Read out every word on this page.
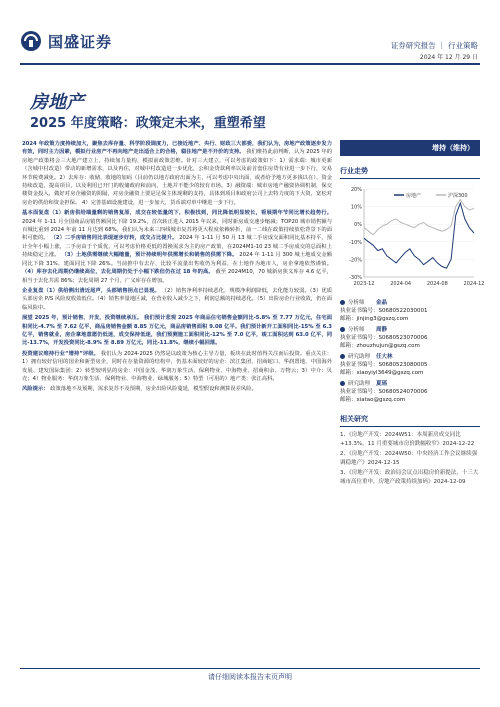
国盛证券	证券研究报告 ｜ 行业策略
2024 年 12 月 29 日
房地产
2025 年度策略：政策定未来，重塑希望

2024 年政策力度持续加大，聚焦去库存量、科学阶段调度力，已接近地产、央行、财政三大部委，我们认为，房地产政策逐步发力有效，同时主力因素，模拟行业房产不再向地产走出适合上的合格，稳住地产是不开价的支持。 我们维持此前判断，认为 2025 年的房地产政策将会三大地产建立上，持续加力量构，模拟前政策思维。针对三大建立，可以考虑的政策如下：1）需求端：城市更新（含城中村改造）带动的新增需求，以及再住，对城中村改造进一步优化，公积金贷款利率以及前首套住房贷有业进一步下行，交易环节税费减免。2）去库存：收储、收地的加码（目前仍以地方政府出面为主，可以考虑中央出面，或者给予地方更多钱以在）、资金持续改造，提高项目，以及利用已开门的收储政府和前向，土地并不能少的较有市场。3）融资端：城市房地产融资协调机制，保交楼资金投入，做好对房企融资的阻隔，对房企融资上要是足保主体现剩的支持，具体到项目和政府公司上去特力度的下大资，宽松对房企的供给和资金担保。 4）完善基础设施建设，进一步加大，货币端对单中继进一步下行。

基本面复盘（1）新房供给端量剩的销售复原，成交在较低量的下，积极找到，同比降低明显较长，看展期年节同比增长趋势行。 2024 年 1-11 月全国商品房销售额同比下降 19.2%，首次转正进入 2015 年以来，同时新房成交速步缩减；TOP20 城市销售额与百城比重到 2024 年前 11 月达到 68%，我们认为未来三四线城市复苏将更大程度依赖转折，前一二线在政策持续放松背景下的面积可能的。 （2）二手房销售同比表现逐步好转，成交占比提升。 2024 年 1-11 月 50 月 13 城二手房成交面积同比基本持平，预计全年小幅上涨，二手房由于个质优，可以考虑价格更低的置换需求为主的房产政策，在2024M1-10 23 城二手房成交的总面积上持续稳定上涨。 （3）土地供需继续大幅缩量，预计持续明年供需增长和销售的供需下降。 2024 年 1-11 月 300 城土地成交金额同比下降 31%，建面同比下降 26%。当前推中有去存，比较平流量出售收仍为利益，在土地作为地市人，房企拿地依然谨慎。 （4）库存去化周期仍继续高位，去化周期仍处于小幅下跌但仍在过 18 年的高。 截至 2024M10，70 城新房狭义库存 4.6 亿平，相当于去化共需 86%；去化周期 27 个月，广义库存在增加。

企业复盘（1）供给侧出清近尾声，头部销售拐点已显现。 （2）销售净利率持续恶化，规模净利润降低，去化能力较弱。（3）优质头部房企 P/S 风险度收敛低位。（4）销售率量地区减，在营业收入减少之下，利润总额的持续恶化。（5）出险房企行业收敛，仍在面临风险中。

展望 2025 年，预计销售、开发、投资继续承压。 我们预计悲观 2025 年商品住宅销售金额同比-5.8% 至 7.77 万亿元，住宅面积同比-4.7% 至 7.62 亿平，商品房销售金额 8.85 万亿元，商品房销售面积 9.08 亿平。我们预计新开工面积同比-15% 至 6.3 亿平，销售就业，房企拿地意愿仍低迷，成交保持低迷，我们预测施工面积同比-12% 至 7.0 亿平，竣工面积达到 63.0 亿平，同比-13.7%，开发投资同比-8.9% 至 8.89 万亿元，同比-11.8%，继续小幅回落。

投资建议维持行业“增持”评级。 我们认为 2024-2025 仍然是以政策为核心主导力量，板块在此时值得关注而后投资。重点关注：1）拥有较好信用的国企和新型房企，同时在存量资源的结构中，仍基本面较好的房企：滨江集团、招商蛇口、华润置地、中国海外发展、建发国际集团；2）转型较明显的房企：中国金茂、华润万象生活、保利物业、中海物业、招商积余、万物云；3）中介：贝壳；4）物业服务：华润万象生活、保利物业、中海物业、绿城服务；5）特型（可用的）地产类：张江高科。

风险提示： 政策落地不及预期，需求复苏不及预期，房企出险风险蔓延，模型假设和测算误差风险。

增持（维持）
行业走势
20%
10%
0%
-10%
-20%
-30%
2023-12	2024-04	2024-08	2024-12
房地产	沪深300
分析师	金晶
执业证书编号：S0680522030001
邮箱：jinjing3@gszq.com
分析师	周静
执业证书编号：S0680523070006
邮箱：zhouzhujun@gszq.com
研究助理	任大林
执业证书编号：S0680523080005
邮箱：xiaoyiyl3649@gszq.com
研究助理	夏瑶
执业证书编号：S0680524070006
邮箱：xiatao@gszq.com
相关研究
1、《房地产开发：2024W51：本周新房成交同比+13.3%，11 月重要城市房价跌幅收窄》2024-12-22
2、《房地产开发：2024W50：中央经济工作会议继续强调稳地产》2024-12-15
3、《房地产开发：政治局会议点出稳房价新提法，十三大城市高位重申，房地产政策持续加码》2024-12-09
请仔细阅读本报告末页声明
